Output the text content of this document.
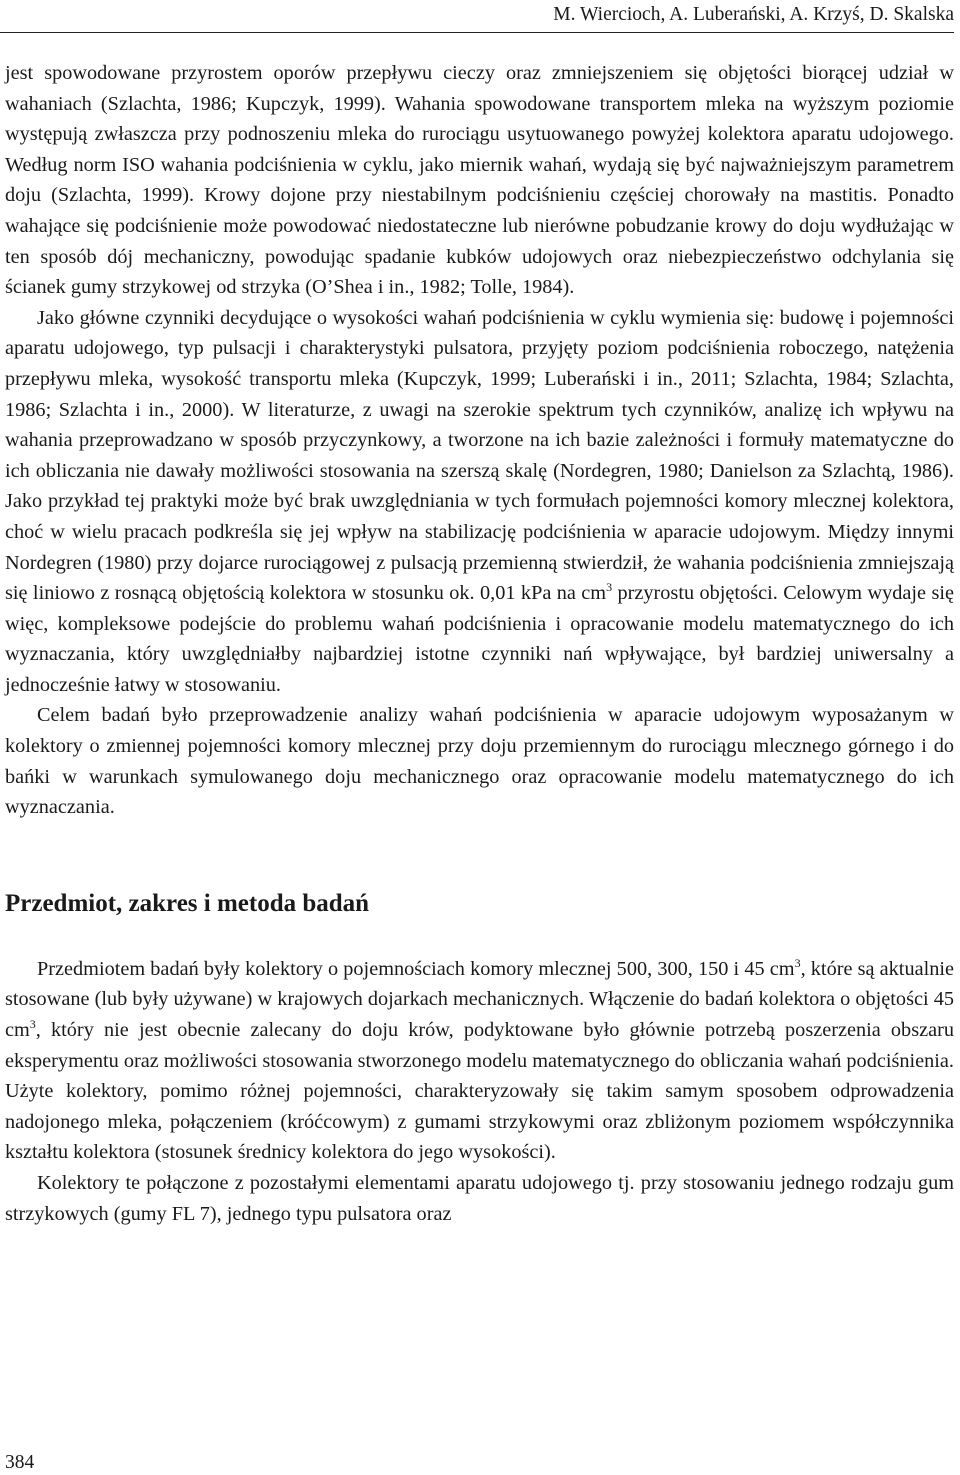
M. Wiercioch, A. Luberański, A. Krzyś, D. Skalska

jest spowodowane przyrostem oporów przepływu cieczy oraz zmniejszeniem się objętości biorącej udział w wahaniach (Szlachta, 1986; Kupczyk, 1999). Wahania spowodowane transportem mleka na wyższym poziomie występują zwłaszcza przy podnoszeniu mleka do rurociągu usytuowanego powyżej kolektora aparatu udojowego. Według norm ISO wahania podciśnienia w cyklu, jako miernik wahań, wydają się być najważniejszym parametrem doju (Szlachta, 1999). Krowy dojone przy niestabilnym podciśnieniu częściej chorowały na mastitis. Ponadto wahające się podciśnienie może powodować niedostateczne lub nierówne pobudzanie krowy do doju wydłużając w ten sposób dój mechaniczny, powodując spadanie kubków udojowych oraz niebezpieczeństwo odchylania się ścianek gumy strzykowej od strzyka (O’Shea i in., 1982; Tolle, 1984).

Jako główne czynniki decydujące o wysokości wahań podciśnienia w cyklu wymienia się: budowę i pojemności aparatu udojowego, typ pulsacji i charakterystyki pulsatora, przyjęty poziom podciśnienia roboczego, natężenia przepływu mleka, wysokość transportu mleka (Kupczyk, 1999; Luberański i in., 2011; Szlachta, 1984; Szlachta, 1986; Szlachta i in., 2000). W literaturze, z uwagi na szerokie spektrum tych czynników, analizę ich wpływu na wahania przeprowadzano w sposób przyczynkowy, a tworzone na ich bazie zależności i formuły matematyczne do ich obliczania nie dawały możliwości stosowania na szerszą skalę (Nordegren, 1980; Danielson za Szlachtą, 1986). Jako przykład tej praktyki może być brak uwzględniania w tych formułach pojemności komory mlecznej kolektora, choć w wielu pracach podkreśla się jej wpływ na stabilizację podciśnienia w aparacie udojowym. Między innymi Nordegren (1980) przy dojarce rurociągowej z pulsacją przemienną stwierdził, że wahania podciśnienia zmniejszają się liniowo z rosnącą objętością kolektora w stosunku ok. 0,01 kPa na $cm^3$ przyrostu objętości. Celowym wydaje się więc, kompleksowe podejście do problemu wahań podciśnienia i opracowanie modelu matematycznego do ich wyznaczania, który uwzględniałby najbardziej istotne czynniki nań wpływające, był bardziej uniwersalny a jednocześnie łatwy w stosowaniu.

Celem badań było przeprowadzenie analizy wahań podciśnienia w aparacie udojowym wyposażanym w kolektory o zmiennej pojemności komory mlecznej przy doju przemiennym do rurociągu mlecznego górnego i do bańki w warunkach symulowanego doju mechanicznego oraz opracowanie modelu matematycznego do ich wyznaczania.

Przedmiot, zakres i metoda badań

Przedmiotem badań były kolektory o pojemnościach komory mlecznej 500, 300, 150 i 45 $cm^3$, które są aktualnie stosowane (lub były używane) w krajowych dojarkach mechanicznych. Włączenie do badań kolektora o objętości 45 $cm^3$, który nie jest obecnie zalecany do doju krów, podyktowane było głównie potrzebą poszerzenia obszaru eksperymentu oraz możliwości stosowania stworzonego modelu matematycznego do obliczania wahań podciśnienia. Użyte kolektory, pomimo różnej pojemności, charakteryzowały się takim samym sposobem odprowadzenia nadojonego mleka, połączeniem (króćcowym) z gumami strzykowymi oraz zbliżonym poziomem współczynnika kształtu kolektora (stosunek średnicy kolektora do jego wysokości).

Kolektory te połączone z pozostałymi elementami aparatu udojowego tj. przy stosowaniu jednego rodzaju gum strzykowych (gumy FL 7), jednego typu pulsatora oraz

384
